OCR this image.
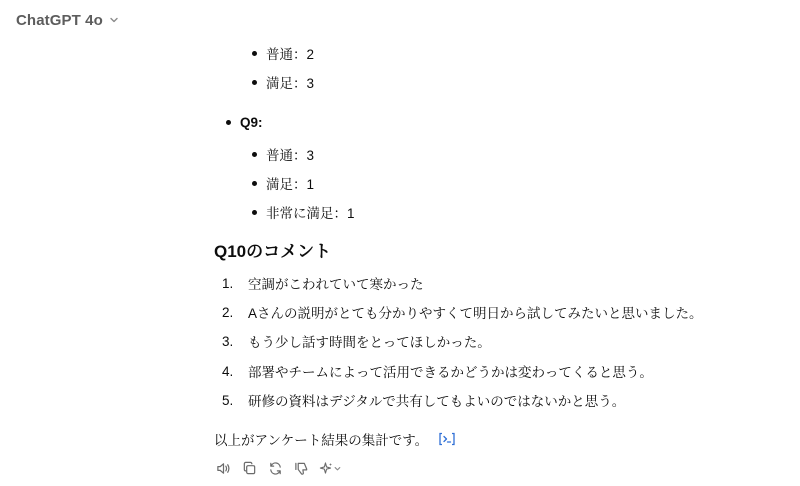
ChatGPT 4o
普通：2
満足：3
Q9:
普通：3
満足：1
非常に満足：1
Q10のコメント
1.	空調がこわれていて寒かった
2.	Aさんの説明がとても分かりやすくて明日から試してみたいと思いました。
3.	もう少し話す時間をとってほしかった。
4.	部署やチームによって活用できるかどうかは変わってくると思う。
5.	研修の資料はデジタルで共有してもよいのではないかと思う。
以上がアンケート結果の集計です。
